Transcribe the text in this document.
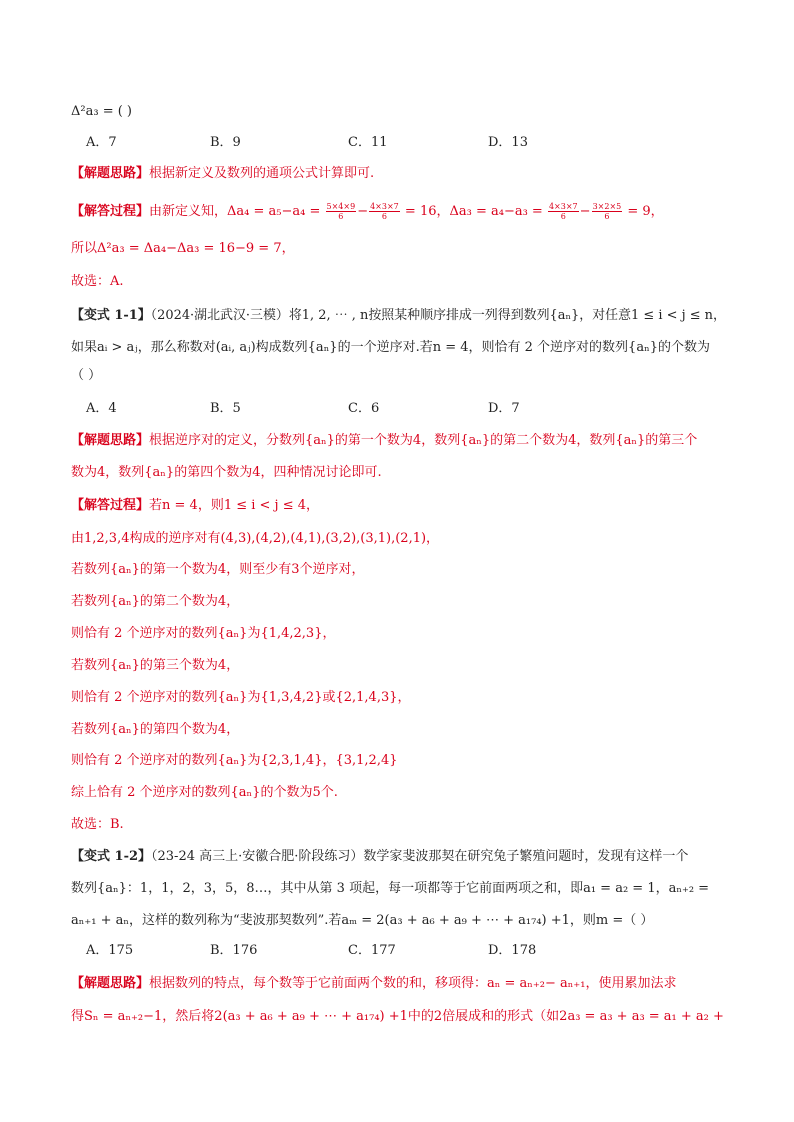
Δ²a₃ = ( )
A．7	B．9	C．11	D．13
【解题思路】根据新定义及数列的通项公式计算即可.
【解答过程】由新定义知，$\Delta a_4 = a_5-a_4 = \frac{5\times 4\times 9}{6} - \frac{4\times 3\times 7}{6} = 16$，$\Delta a_3 = a_4-a_3 = \frac{4\times 3\times 7}{6} - \frac{3\times 2\times 5}{6} = 9$，
所以Δ²a₃ = Δa₄−Δa₃ = 16−9 = 7，
故选：A.
【变式 1-1】（2024·湖北武汉·三模）将1, 2, ⋯ , n按照某种顺序排成一列得到数列{aₙ}，对任意1 ≤ i < j ≤ n，
如果aᵢ > aⱼ，那么称数对(aᵢ, aⱼ)构成数列{aₙ}的一个逆序对.若n = 4，则恰有 2 个逆序对的数列{aₙ}的个数为
（ ）
A．4	B．5	C．6	D．7
【解题思路】根据逆序对的定义，分数列{aₙ}的第一个数为4，数列{aₙ}的第二个数为4，数列{aₙ}的第三个
数为4，数列{aₙ}的第四个数为4，四种情况讨论即可.
【解答过程】若n = 4，则1 ≤ i < j ≤ 4，
由1,2,3,4构成的逆序对有(4,3),(4,2),(4,1),(3,2),(3,1),(2,1)，
若数列{aₙ}的第一个数为4，则至少有3个逆序对，
若数列{aₙ}的第二个数为4，
则恰有 2 个逆序对的数列{aₙ}为{1,4,2,3}，
若数列{aₙ}的第三个数为4，
则恰有 2 个逆序对的数列{aₙ}为{1,3,4,2}或{2,1,4,3}，
若数列{aₙ}的第四个数为4，
则恰有 2 个逆序对的数列{aₙ}为{2,3,1,4}，{3,1,2,4}
综上恰有 2 个逆序对的数列{aₙ}的个数为5个.
故选：B.
【变式 1-2】（23-24 高三上·安徽合肥·阶段练习）数学家斐波那契在研究兔子繁殖问题时，发现有这样一个
数列{aₙ}：1，1，2，3，5，8…，其中从第 3 项起，每一项都等于它前面两项之和，即a₁ = a₂ = 1，aₙ₊₂ =
aₙ₊₁ + aₙ，这样的数列称为“斐波那契数列”.若aₘ = 2(a₃ + a₆ + a₉ + ⋯ + a₁₇₄) +1，则m =（ ）
A．175	B．176	C．177	D．178
【解题思路】根据数列的特点，每个数等于它前面两个数的和，移项得：aₙ = aₙ₊₂− aₙ₊₁，使用累加法求
得Sₙ = aₙ₊₂−1，然后将2(a₃ + a₆ + a₉ + ⋯ + a₁₇₄) +1中的2倍展成和的形式（如2a₃ = a₃ + a₃ = a₁ + a₂ +
